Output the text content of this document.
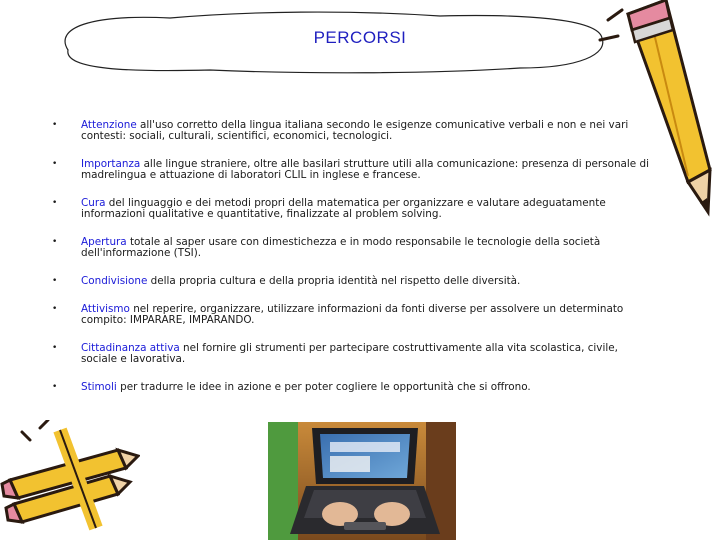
PERCORSI
• Attenzione all'uso corretto della lingua italiana secondo le esigenze comunicative verbali e non e nei vari contesti: sociali, culturali, scientifici, economici, tecnologici.
• Importanza alle lingue straniere, oltre alle basilari strutture utili alla comunicazione: presenza di personale di madrelingua e attuazione di laboratori CLIL in inglese e francese.
• Cura del linguaggio e dei metodi propri della matematica per organizzare e valutare adeguatamente informazioni qualitative e quantitative, finalizzate al problem solving.
• Apertura totale al saper usare con dimestichezza e in modo responsabile le tecnologie della società dell'informazione (TSI).
• Condivisione della propria cultura e della propria identità nel rispetto delle diversità.
• Attivismo nel reperire, organizzare, utilizzare informazioni da fonti diverse per assolvere un determinato compito: IMPARARE, IMPARANDO.
• Cittadinanza attiva nel fornire gli strumenti per partecipare costruttivamente alla vita scolastica, civile, sociale e lavorativa.
• Stimoli per tradurre le idee in azione e per poter cogliere le opportunità che si offrono.
